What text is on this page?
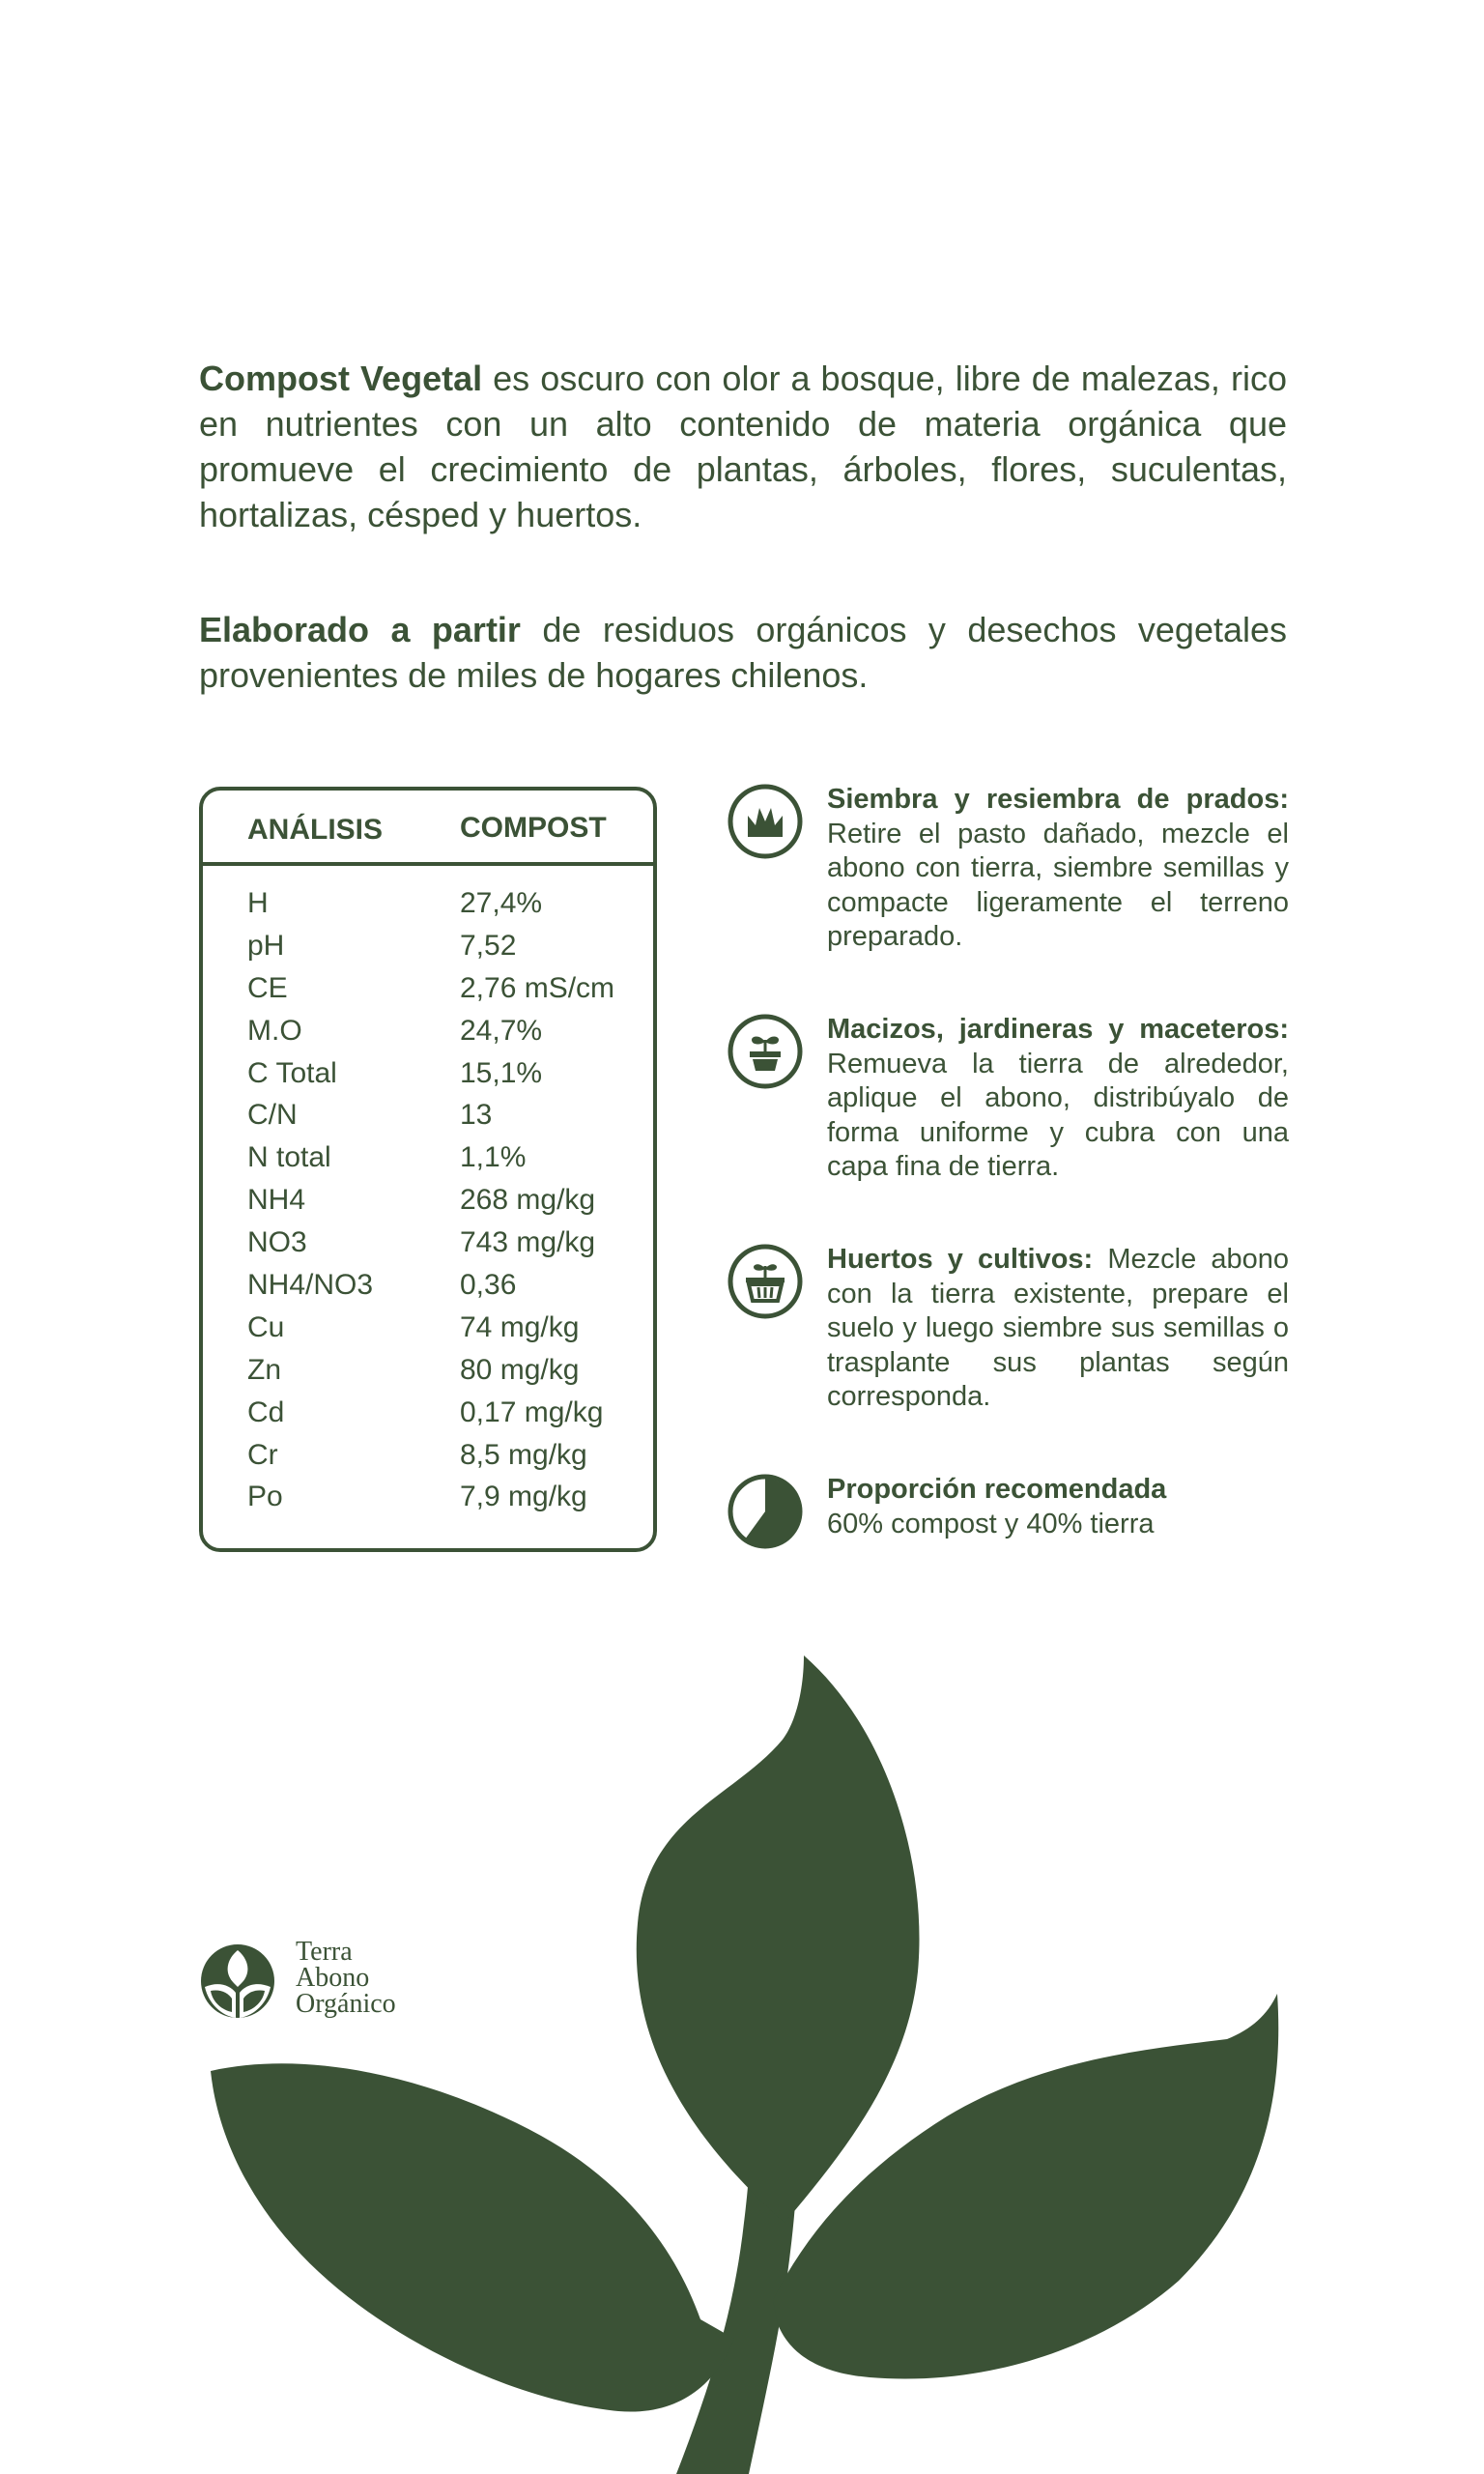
Compost Vegetal es oscuro con olor a bosque, libre de malezas, rico en nutrientes con un alto contenido de materia orgánica que promueve el crecimiento de plantas, árboles, flores, suculentas, hortalizas, césped y huertos.

Elaborado a partir de residuos orgánicos y desechos vegetales provenientes de miles de hogares chilenos.

ANÁLISIS	COMPOST
H	27,4%
pH	7,52
CE	2,76 mS/cm
M.O	24,7%
C Total	15,1%
C/N	13
N total	1,1%
NH4	268 mg/kg
NO3	743 mg/kg
NH4/NO3	0,36
Cu	74 mg/kg
Zn	80 mg/kg
Cd	0,17 mg/kg
Cr	8,5 mg/kg
Po	7,9 mg/kg

Siembra y resiembra de prados: Retire el pasto dañado, mezcle el abono con tierra, siembre semillas y compacte ligeramente el terreno preparado.

Macizos, jardineras y maceteros: Remueva la tierra de alrededor, aplique el abono, distribúyalo de forma uniforme y cubra con una capa fina de tierra.

Huertos y cultivos: Mezcle abono con la tierra existente, prepare el suelo y luego siembre sus semillas o trasplante sus plantas según corresponda.

Proporción recomendada
60% compost y 40% tierra
Terra
Abono
Orgánico
